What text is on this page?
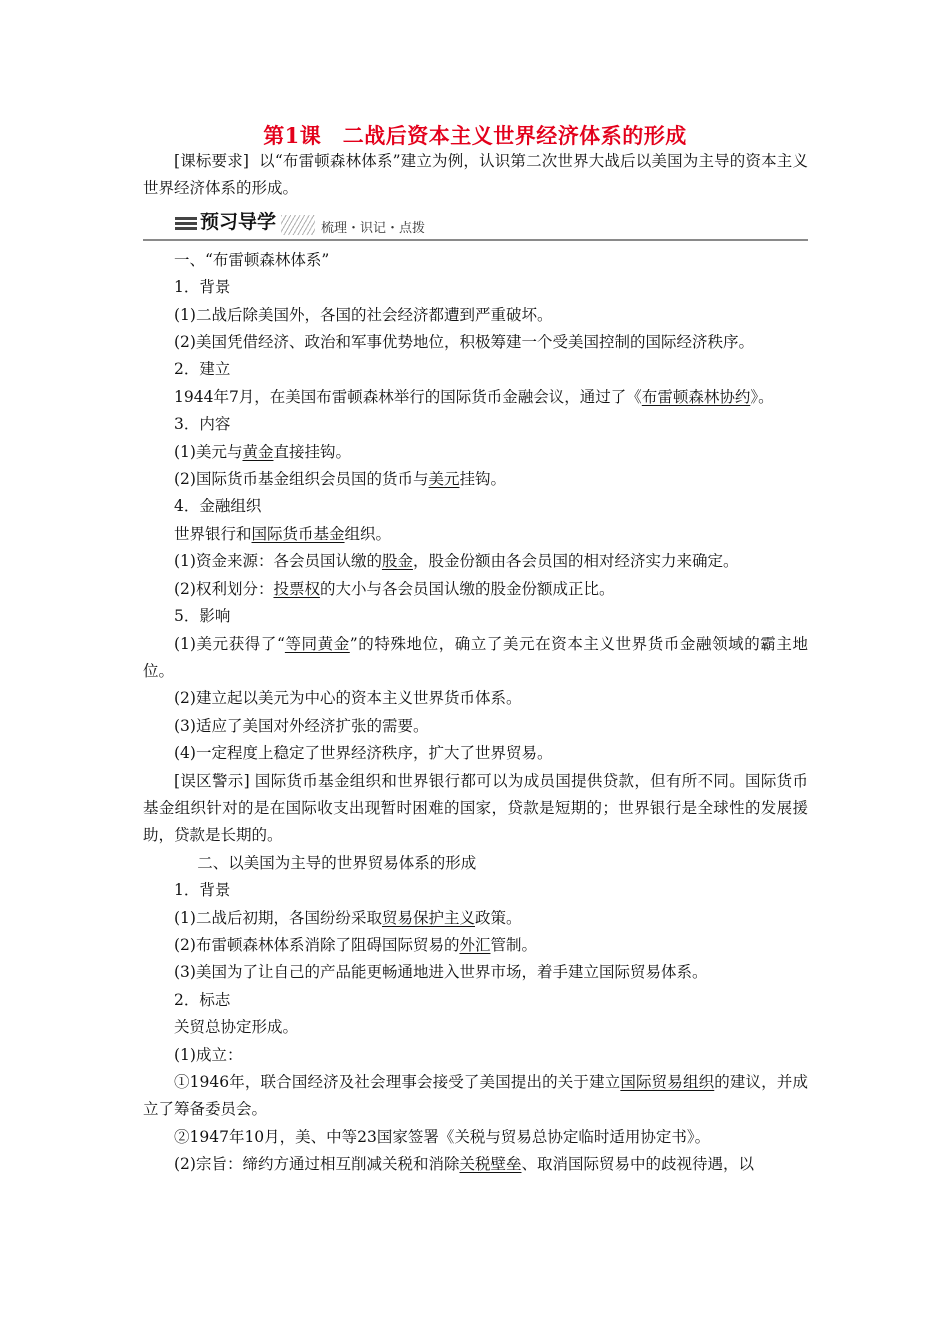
第1课　二战后资本主义世界经济体系的形成

[课标要求] 以“布雷顿森林体系”建立为例，认识第二次世界大战后以美国为主导的资本主义世界经济体系的形成。

预习导学	梳理・识记・点拨

一、“布雷顿森林体系”

1．背景

(1)二战后除美国外，各国的社会经济都遭到严重破坏。

(2)美国凭借经济、政治和军事优势地位，积极筹建一个受美国控制的国际经济秩序。

2．建立

1944年7月，在美国布雷顿森林举行的国际货币金融会议，通过了《布雷顿森林协约》。

3．内容

(1)美元与黄金直接挂钩。

(2)国际货币基金组织会员国的货币与美元挂钩。

4．金融组织

世界银行和国际货币基金组织。

(1)资金来源：各会员国认缴的股金，股金份额由各会员国的相对经济实力来确定。

(2)权利划分：投票权的大小与各会员国认缴的股金份额成正比。

5．影响

(1)美元获得了“等同黄金”的特殊地位，确立了美元在资本主义世界货币金融领域的霸主地位。

(2)建立起以美元为中心的资本主义世界货币体系。

(3)适应了美国对外经济扩张的需要。

(4)一定程度上稳定了世界经济秩序，扩大了世界贸易。

[误区警示] 国际货币基金组织和世界银行都可以为成员国提供贷款，但有所不同。国际货币基金组织针对的是在国际收支出现暂时困难的国家，贷款是短期的；世界银行是全球性的发展援助，贷款是长期的。

二、以美国为主导的世界贸易体系的形成

1．背景

(1)二战后初期，各国纷纷采取贸易保护主义政策。

(2)布雷顿森林体系消除了阻碍国际贸易的外汇管制。

(3)美国为了让自己的产品能更畅通地进入世界市场，着手建立国际贸易体系。

2．标志

关贸总协定形成。

(1)成立：

①1946年，联合国经济及社会理事会接受了美国提出的关于建立国际贸易组织的建议，并成立了筹备委员会。

②1947年10月，美、中等23国家签署《关税与贸易总协定临时适用协定书》。

(2)宗旨：缔约方通过相互削减关税和消除关税壁垒、取消国际贸易中的歧视待遇，以
